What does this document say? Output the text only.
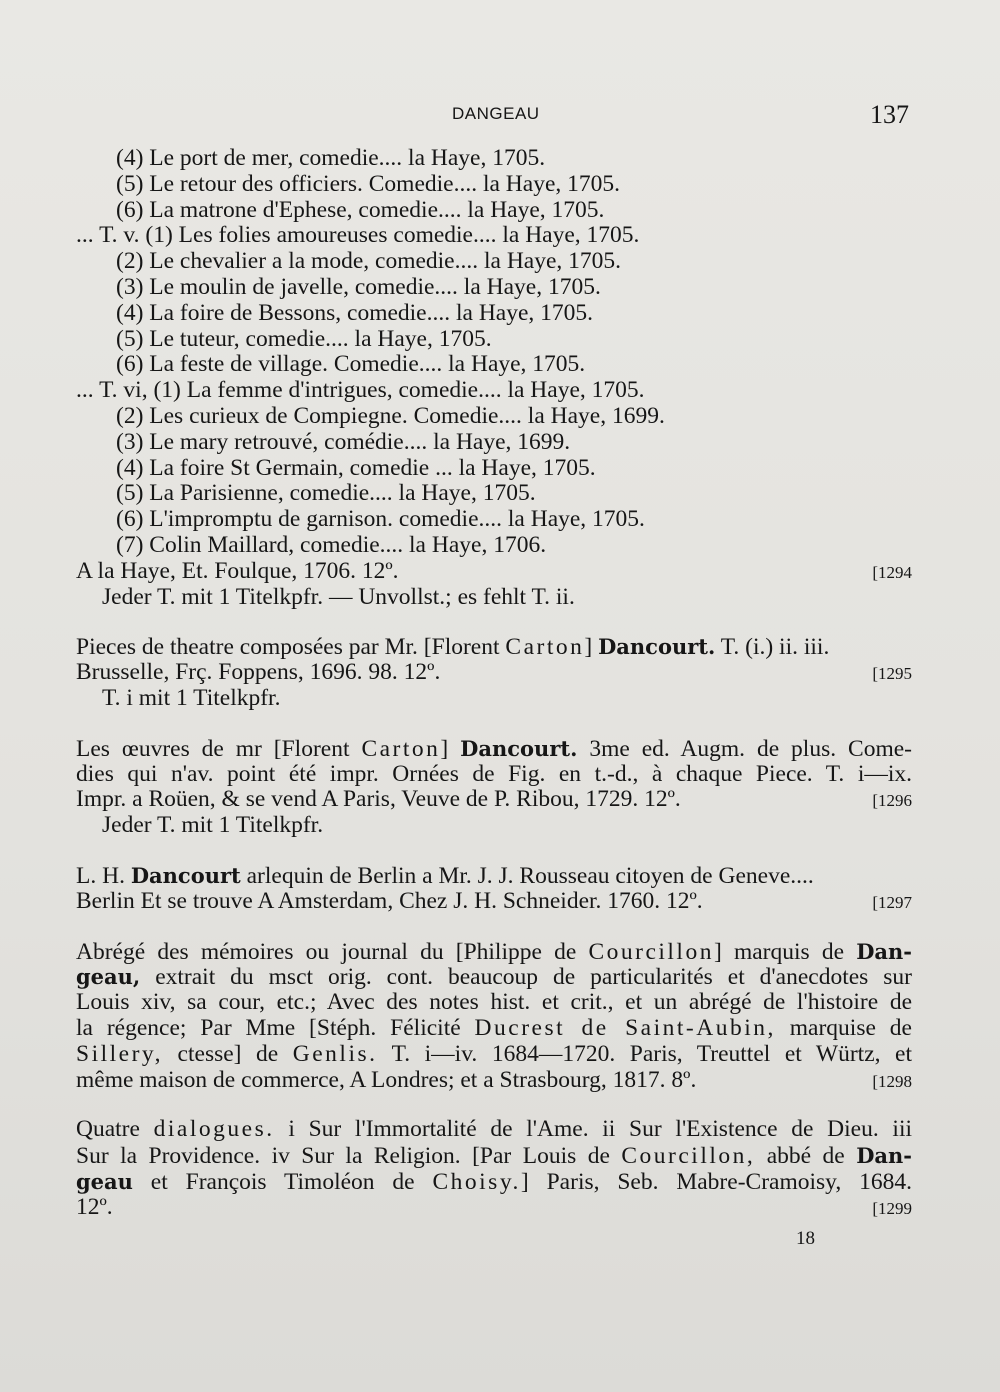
DANGEAU	137
(4) Le port de mer, comedie.... la Haye, 1705.
(5) Le retour des officiers. Comedie.... la Haye, 1705.
(6) La matrone d'Ephese, comedie.... la Haye, 1705.
... T. v. (1) Les folies amoureuses comedie.... la Haye, 1705.
(2) Le chevalier a la mode, comedie.... la Haye, 1705.
(3) Le moulin de javelle, comedie.... la Haye, 1705.
(4) La foire de Bessons, comedie.... la Haye, 1705.
(5) Le tuteur, comedie.... la Haye, 1705.
(6) La feste de village. Comedie.... la Haye, 1705.
... T. vi, (1) La femme d'intrigues, comedie.... la Haye, 1705.
(2) Les curieux de Compiegne. Comedie.... la Haye, 1699.
(3) Le mary retrouvé, comédie.... la Haye, 1699.
(4) La foire St Germain, comedie ... la Haye, 1705.
(5) La Parisienne, comedie.... la Haye, 1705.
(6) L'impromptu de garnison. comedie.... la Haye, 1705.
(7) Colin Maillard, comedie.... la Haye, 1706.
A la Haye, Et. Foulque, 1706. 12º.	[1294
Jeder T. mit 1 Titelkpfr. — Unvollst.; es fehlt T. ii.
Pieces de theatre composées par Mr. [Florent Carton] Dancourt. T. (i.) ii. iii.
Brusselle, Frç. Foppens, 1696. 98. 12º.	[1295
T. i mit 1 Titelkpfr.
Les œuvres de mr [Florent Carton] Dancourt. 3me ed. Augm. de plus. Come-
dies qui n'av. point été impr. Ornées de Fig. en t.-d., à chaque Piece. T. i—ix.
Impr. a Roüen, & se vend A Paris, Veuve de P. Ribou, 1729. 12º.	[1296
Jeder T. mit 1 Titelkpfr.
L. H. Dancourt arlequin de Berlin a Mr. J. J. Rousseau citoyen de Geneve....
Berlin Et se trouve A Amsterdam, Chez J. H. Schneider. 1760. 12º.	[1297
Abrégé des mémoires ou journal du [Philippe de Courcillon] marquis de Dan-
geau, extrait du msct orig. cont. beaucoup de particularités et d'anecdotes sur
Louis xiv, sa cour, etc.; Avec des notes hist. et crit., et un abrégé de l'histoire de
la régence; Par Mme [Stéph. Félicité Ducrest de Saint-Aubin, marquise de
Sillery, ctesse] de Genlis. T. i—iv. 1684—1720. Paris, Treuttel et Würtz, et
même maison de commerce, A Londres; et a Strasbourg, 1817. 8º.	[1298
Quatre dialogues. i Sur l'Immortalité de l'Ame. ii Sur l'Existence de Dieu. iii
Sur la Providence. iv Sur la Religion. [Par Louis de Courcillon, abbé de Dan-
geau et François Timoléon de Choisy.] Paris, Seb. Mabre-Cramoisy, 1684.
12º.	[1299
18
